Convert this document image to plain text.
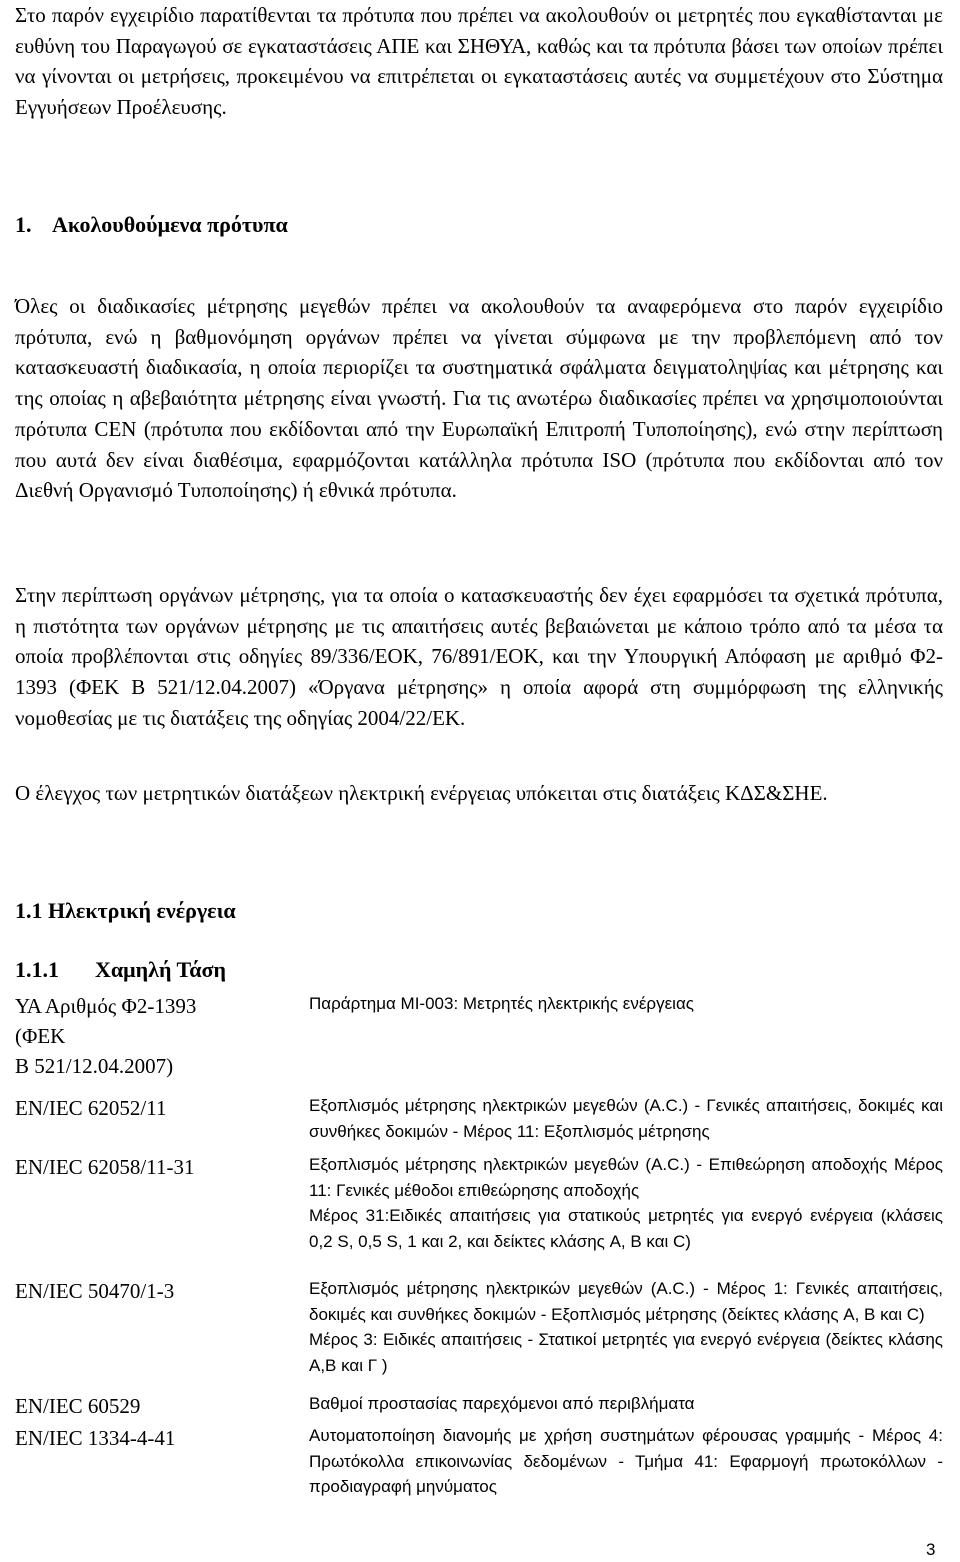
Στο παρόν εγχειρίδιο παρατίθενται τα πρότυπα που πρέπει να ακολουθούν οι μετρητές που εγκαθίστανται με ευθύνη του Παραγωγού σε εγκαταστάσεις ΑΠΕ και ΣΗΘΥΑ, καθώς και τα πρότυπα βάσει των οποίων πρέπει να γίνονται οι μετρήσεις, προκειμένου να επιτρέπεται οι εγκαταστάσεις αυτές να συμμετέχουν στο Σύστημα Εγγυήσεων Προέλευσης.

1. Ακολουθούμενα πρότυπα

Όλες οι διαδικασίες μέτρησης μεγεθών πρέπει να ακολουθούν τα αναφερόμενα στο παρόν εγχειρίδιο πρότυπα, ενώ η βαθμονόμηση οργάνων πρέπει να γίνεται σύμφωνα με την προβλεπόμενη από τον κατασκευαστή διαδικασία, η οποία περιορίζει τα συστηματικά σφάλματα δειγματοληψίας και μέτρησης και της οποίας η αβεβαιότητα μέτρησης είναι γνωστή. Για τις ανωτέρω διαδικασίες πρέπει να χρησιμοποιούνται πρότυπα CEN (πρότυπα που εκδίδονται από την Ευρωπαϊκή Επιτροπή Τυποποίησης), ενώ στην περίπτωση που αυτά δεν είναι διαθέσιμα, εφαρμόζονται κατάλληλα πρότυπα ISO (πρότυπα που εκδίδονται από τον Διεθνή Οργανισμό Τυποποίησης) ή εθνικά πρότυπα.

Στην περίπτωση οργάνων μέτρησης, για τα οποία ο κατασκευαστής δεν έχει εφαρμόσει τα σχετικά πρότυπα, η πιστότητα των οργάνων μέτρησης με τις απαιτήσεις αυτές βεβαιώνεται με κάποιο τρόπο από τα μέσα τα οποία προβλέπονται στις οδηγίες 89/336/ΕΟΚ, 76/891/ΕΟΚ, και την Υπουργική Απόφαση με αριθμό Φ2-1393 (ΦΕΚ Β 521/12.04.2007) «Όργανα μέτρησης» η οποία αφορά στη συμμόρφωση της ελληνικής νομοθεσίας με τις διατάξεις της οδηγίας 2004/22/ΕΚ.

Ο έλεγχος των μετρητικών διατάξεων ηλεκτρική ενέργειας υπόκειται στις διατάξεις ΚΔΣ&ΣΗΕ.

1.1 Ηλεκτρική ενέργεια
1.1.1 Χαμηλή Τάση
ΥΑ Αριθμός Φ2-1393
(ΦΕΚ
Β 521/12.04.2007)	Παράρτημα MI-003: Μετρητές ηλεκτρικής ενέργειας

EN/IEC 62052/11	Εξοπλισμός μέτρησης ηλεκτρικών μεγεθών (A.C.) - Γενικές απαιτήσεις, δοκιμές και συνθήκες δοκιμών - Μέρος 11: Εξοπλισμός μέτρησης

EN/IEC 62058/11-31	Εξοπλισμός μέτρησης ηλεκτρικών μεγεθών (A.C.) - Επιθεώρηση αποδοχής Μέρος 11: Γενικές μέθοδοι επιθεώρησης αποδοχής
Μέρος 31:Ειδικές απαιτήσεις για στατικούς μετρητές για ενεργό ενέργεια (κλάσεις 0,2 S, 0,5 S, 1 και 2, και δείκτες κλάσης A, B και C)

EN/IEC 50470/1-3	Εξοπλισμός μέτρησης ηλεκτρικών μεγεθών (A.C.) - Μέρος 1: Γενικές απαιτήσεις, δοκιμές και συνθήκες δοκιμών - Εξοπλισμός μέτρησης (δείκτες κλάσης A, B και C)
Μέρος 3: Ειδικές απαιτήσεις - Στατικοί μετρητές για ενεργό ενέργεια (δείκτες κλάσης A,B και Γ )

EN/IEC 60529	Βαθμοί προστασίας παρεχόμενοι από περιβλήματα

EN/IEC 1334-4-41	Αυτοματοποίηση διανομής με χρήση συστημάτων φέρουσας γραμμής - Μέρος 4: Πρωτόκολλα επικοινωνίας δεδομένων - Τμήμα 41: Εφαρμογή πρωτοκόλλων - προδιαγραφή μηνύματος
3
